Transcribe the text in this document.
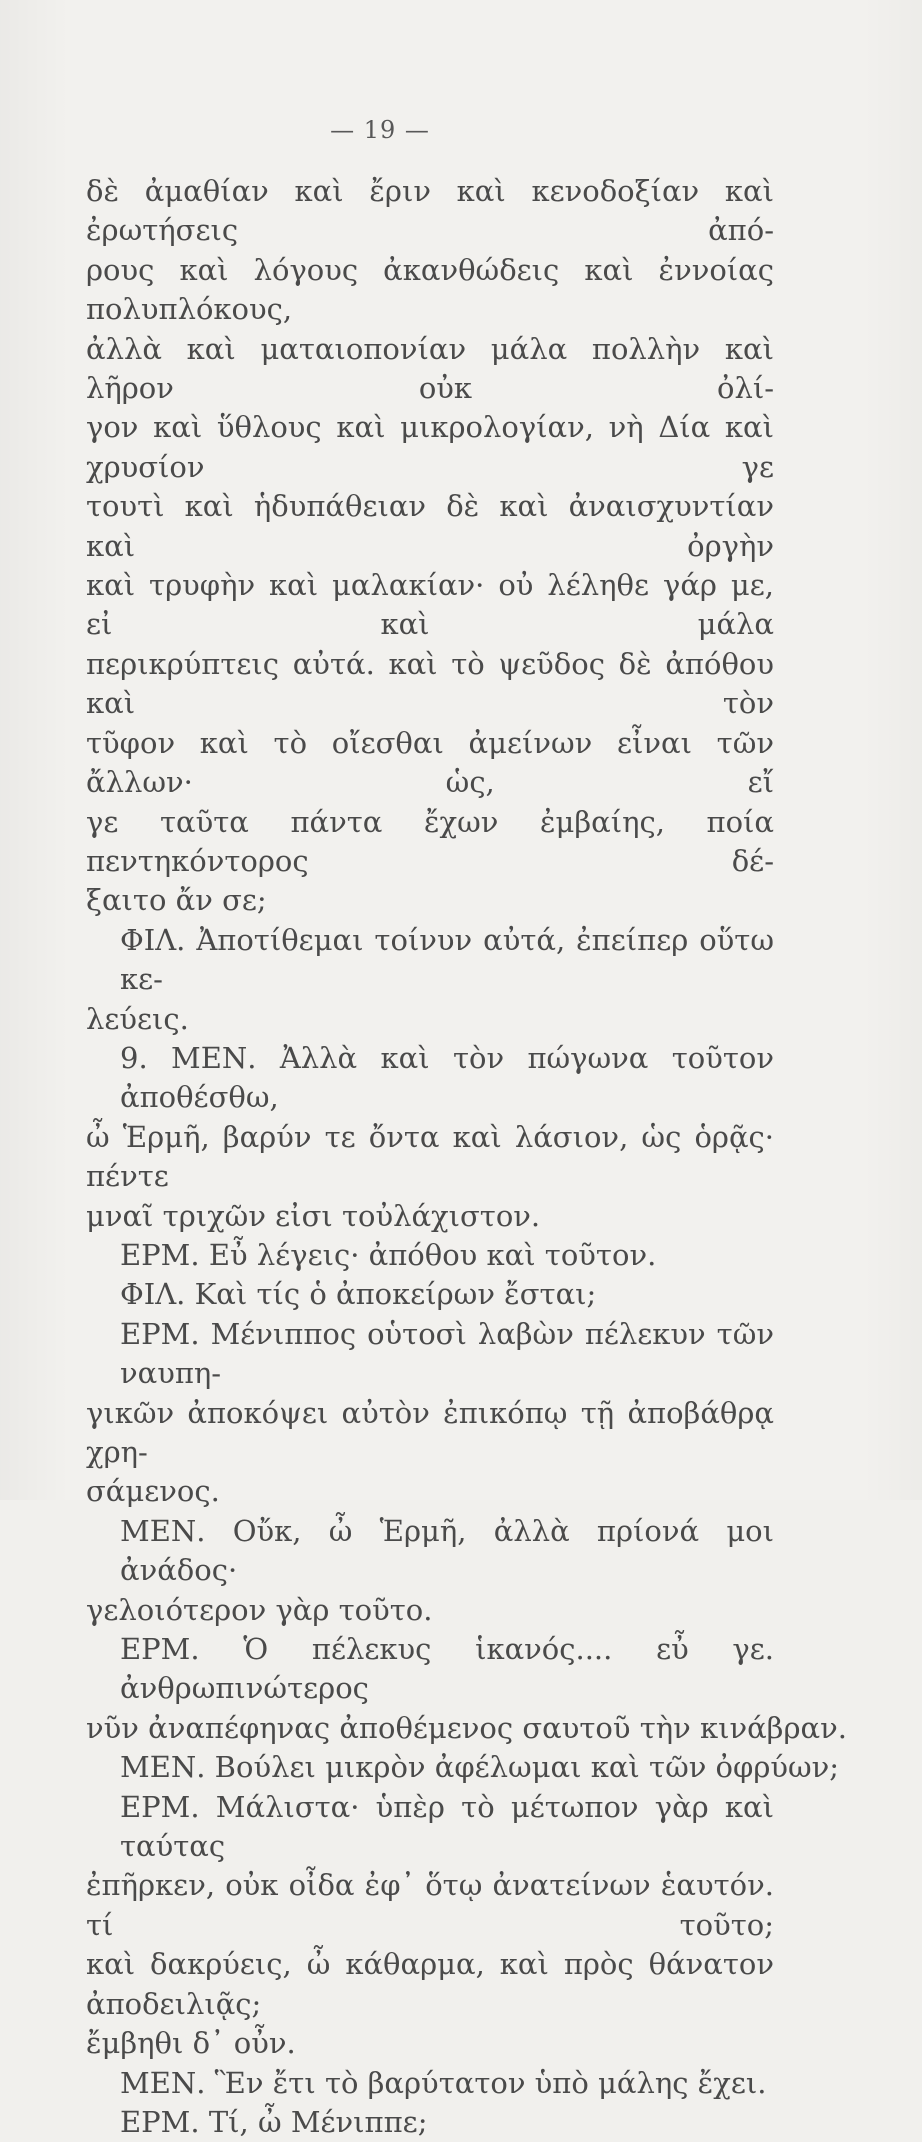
— 19 —
δὲ ἀμαθίαν καὶ ἔριν καὶ κενοδοξίαν καὶ ἐρωτήσεις ἀπό-
ρους καὶ λόγους ἀκανθώδεις καὶ ἐννοίας πολυπλόκους,
ἀλλὰ καὶ ματαιοπονίαν μάλα πολλὴν καὶ λῆρον οὐκ ὀλί-
γον καὶ ὕθλους καὶ μικρολογίαν, νὴ Δία καὶ χρυσίον γε
τουτὶ καὶ ἡδυπάθειαν δὲ καὶ ἀναισχυντίαν καὶ ὀργὴν
καὶ τρυφὴν καὶ μαλακίαν· οὐ λέληθε γάρ με, εἰ καὶ μάλα
περικρύπτεις αὐτά. καὶ τὸ ψεῦδος δὲ ἀπόθου καὶ τὸν
τῦφον καὶ τὸ οἴεσθαι ἀμείνων εἶναι τῶν ἄλλων· ὡς, εἴ
γε ταῦτα πάντα ἔχων ἐμβαίης, ποία πεντηκόντορος δέ-
ξαιτο ἄν σε;
ΦΙΛ. Ἀποτίθεμαι τοίνυν αὐτά, ἐπείπερ οὕτω κε-
λεύεις.
9. ΜΕΝ. Ἀλλὰ καὶ τὸν πώγωνα τοῦτον ἀποθέσθω,
ὦ Ἑρμῆ, βαρύν τε ὄντα καὶ λάσιον, ὡς ὁρᾷς· πέντε
μναῖ τριχῶν εἰσι τοὐλάχιστον.
ΕΡΜ. Εὖ λέγεις· ἀπόθου καὶ τοῦτον.
ΦΙΛ. Καὶ τίς ὁ ἀποκείρων ἔσται;
ΕΡΜ. Μένιππος οὑτοσὶ λαβὼν πέλεκυν τῶν ναυπη-
γικῶν ἀποκόψει αὐτὸν ἐπικόπῳ τῇ ἀποβάθρᾳ χρη-
σάμενος.
ΜΕΝ. Οὔκ, ὦ Ἑρμῆ, ἀλλὰ πρίονά μοι ἀνάδος·
γελοιότερον γὰρ τοῦτο.
ΕΡΜ. Ὁ πέλεκυς ἱκανός.... εὖ γε. ἀνθρωπινώτερος
νῦν ἀναπέφηνας ἀποθέμενος σαυτοῦ τὴν κινάβραν.
ΜΕΝ. Βούλει μικρὸν ἀφέλωμαι καὶ τῶν ὀφρύων;
ΕΡΜ. Μάλιστα· ὑπὲρ τὸ μέτωπον γὰρ καὶ ταύτας
ἐπῆρκεν, οὐκ οἶδα ἐφ᾽ ὅτῳ ἀνατείνων ἑαυτόν. τί τοῦτο;
καὶ δακρύεις, ὦ κάθαρμα, καὶ πρὸς θάνατον ἀποδειλιᾷς;
ἔμβηθι δ᾽ οὖν.
ΜΕΝ. Ἓν ἔτι τὸ βαρύτατον ὑπὸ μάλης ἔχει.
ΕΡΜ. Τί, ὦ Μένιππε;
